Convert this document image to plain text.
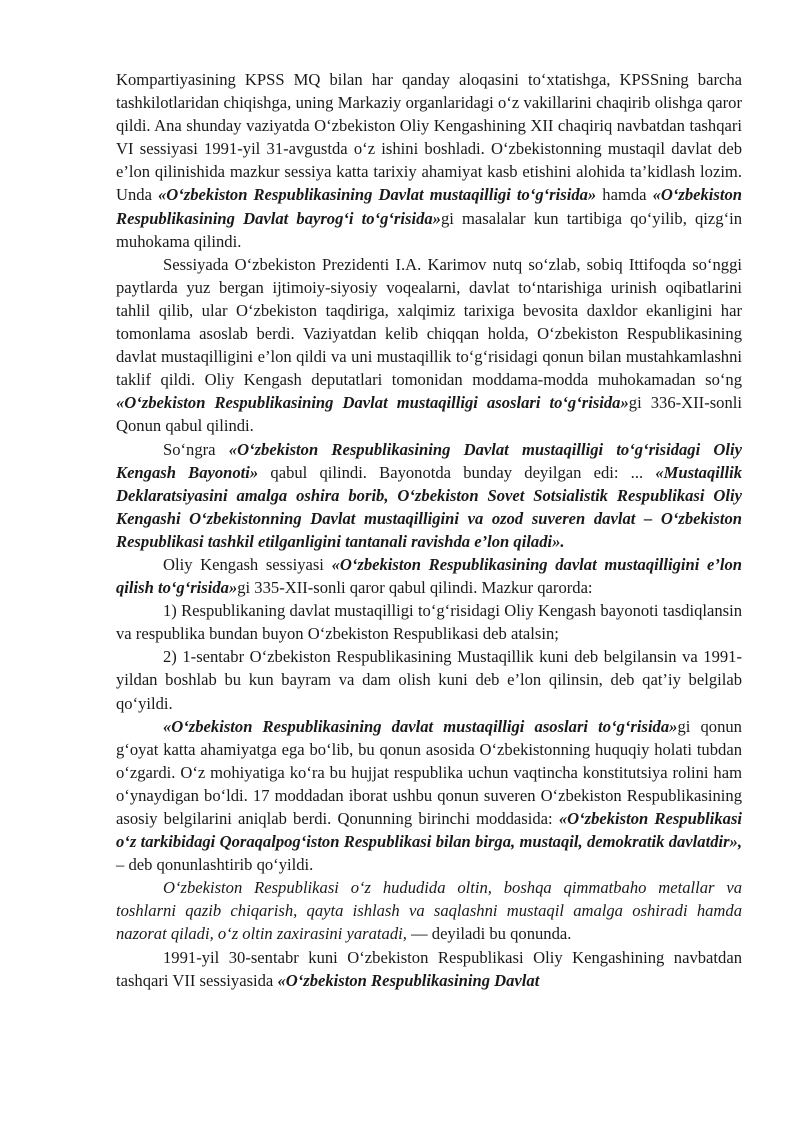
Kompartiyasining KPSS MQ bilan har qanday aloqasini to‘xtatishga, KPSSning barcha tashkilotlaridan chiqishga, uning Markaziy organlaridagi o‘z vakillarini chaqirib olishga qaror qildi. Ana shunday vaziyatda O‘zbekiston Oliy Kengashining XII chaqiriq navbatdan tashqari VI sessiyasi 1991-yil 31-avgustda o‘z ishini boshladi. O‘zbekistonning mustaqil davlat deb e’lon qilinishida mazkur sessiya katta tarixiy ahamiyat kasb etishini alohida ta’kidlash lozim. Unda «O‘zbekiston Respublikasining Davlat mustaqilligi to‘g‘risida» hamda «O‘zbekiston Respublikasining Davlat bayrog‘i to‘g‘risida»gi masalalar kun tartibiga qo‘yilib, qizg‘in muhokama qilindi.

Sessiyada O‘zbekiston Prezidenti I.A. Karimov nutq so‘zlab, sobiq Ittifoqda so‘nggi paytlarda yuz bergan ijtimoiy-siyosiy voqealarni, davlat to‘ntarishiga urinish oqibatlarini tahlil qilib, ular O‘zbekiston taqdiriga, xalqimiz tarixiga bevosita daxldor ekanligini har tomonlama asoslab berdi. Vaziyatdan kelib chiqqan holda, O‘zbekiston Respublikasining davlat mustaqilligini e’lon qildi va uni mustaqillik to‘g‘risidagi qonun bilan mustahkamlashni taklif qildi. Oliy Kengash deputatlari tomonidan moddama-modda muhokamadan so‘ng «O‘zbekiston Respublikasining Davlat mustaqilligi asoslari to‘g‘risida»gi 336-XII-sonli Qonun qabul qilindi.

So‘ngra «O‘zbekiston Respublikasining Davlat mustaqilligi to‘g‘risidagi Oliy Kengash Bayonoti» qabul qilindi. Bayonotda bunday deyilgan edi: ... «Mustaqillik Deklaratsiyasini amalga oshira borib, O‘zbekiston Sovet Sotsialistik Respublikasi Oliy Kengashi O‘zbekistonning Davlat mustaqilligini va ozod suveren davlat – O‘zbekiston Respublikasi tashkil etilganligini tantanali ravishda e’lon qiladi».

Oliy Kengash sessiyasi «O‘zbekiston Respublikasining davlat mustaqilligini e’lon qilish to‘g‘risida»gi 335-XII-sonli qaror qabul qilindi. Mazkur qarorda:

1) Respublikaning davlat mustaqilligi to‘g‘risidagi Oliy Kengash bayonoti tasdiqlansin va respublika bundan buyon O‘zbekiston Respublikasi deb atalsin;

2) 1-sentabr O‘zbekiston Respublikasining Mustaqillik kuni deb belgilansin va 1991-yildan boshlab bu kun bayram va dam olish kuni deb e’lon qilinsin, deb qat’iy belgilab qo‘yildi.

«O‘zbekiston Respublikasining davlat mustaqilligi asoslari to‘g‘risida»gi qonun g‘oyat katta ahamiyatga ega bo‘lib, bu qonun asosida O‘zbekistonning huquqiy holati tubdan o‘zgardi. O‘z mohiyatiga ko‘ra bu hujjat respublika uchun vaqtincha konstitutsiya rolini ham o‘ynaydigan bo‘ldi. 17 moddadan iborat ushbu qonun suveren O‘zbekiston Respublikasining asosiy belgilarini aniqlab berdi. Qonunning birinchi moddasida: «O‘zbekiston Respublikasi o‘z tarkibidagi Qoraqalpog‘iston Respublikasi bilan birga, mustaqil, demokratik davlatdir», – deb qonunlashtirib qo‘yildi.

O‘zbekiston Respublikasi o‘z hududida oltin, boshqa qimmatbaho metallar va toshlarni qazib chiqarish, qayta ishlash va saqlashni mustaqil amalga oshiradi hamda nazorat qiladi, o‘z oltin zaxirasini yaratadi, — deyiladi bu qonunda.

1991-yil 30-sentabr kuni O‘zbekiston Respublikasi Oliy Kengashining navbatdan tashqari VII sessiyasida «O‘zbekiston Respublikasining Davlat
